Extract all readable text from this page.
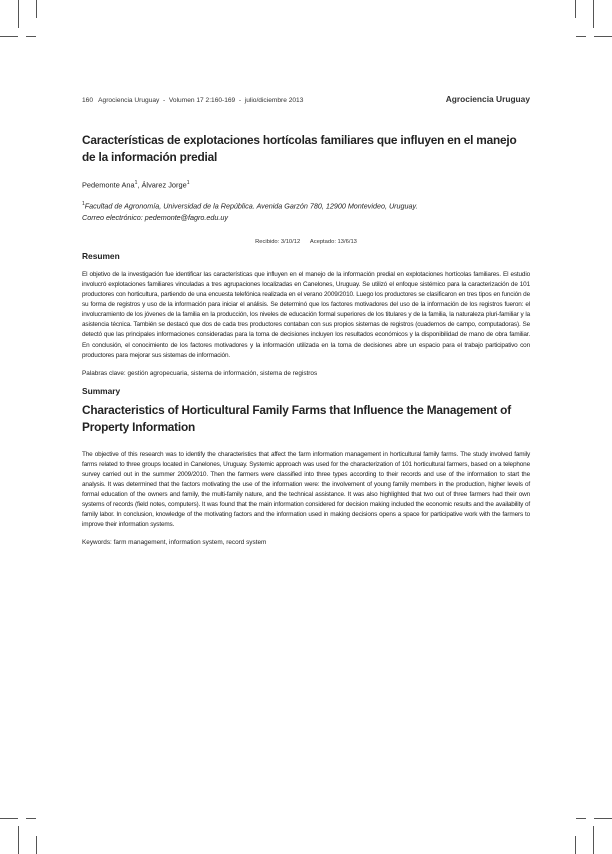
160   Agrociencia Uruguay  -  Volumen 17 2:160-169  -  julio/diciembre 2013	Agrociencia Uruguay
Características de explotaciones hortícolas familiares que influyen en el manejo de la información predial
Pedemonte Ana$^1$, Álvarez Jorge$^1$
$^1$Facultad de Agronomía, Universidad de la República. Avenida Garzón 780, 12900 Montevideo, Uruguay.
Correo electrónico: pedemonte@fagro.edu.uy
Recibido: 3/10/12 Aceptado: 13/6/13
Resumen
El objetivo de la investigación fue identificar las características que influyen en el manejo de la información predial en explotaciones hortícolas familiares. El estudio involucró explotaciones familiares vinculadas a tres agrupaciones localizadas en Canelones, Uruguay. Se utilizó el enfoque sistémico para la caracterización de 101 productores con horticultura, partiendo de una encuesta telefónica realizada en el verano 2009/2010. Luego los productores se clasificaron en tres tipos en función de su forma de registros y uso de la información para iniciar el análisis. Se determinó que los factores motivadores del uso de la información de los registros fueron: el involucramiento de los jóvenes de la familia en la producción, los niveles de educación formal superiores de los titulares y de la familia, la naturaleza pluri-familiar y la asistencia técnica. También se destacó que dos de cada tres productores contaban con sus propios sistemas de registros (cuadernos de campo, computadoras). Se detectó que las principales informaciones consideradas para la toma de decisiones incluyen los resultados económicos y la disponibilidad de mano de obra familiar. En conclusión, el conocimiento de los factores motivadores y la información utilizada en la toma de decisiones abre un espacio para el trabajo participativo con productores para mejorar sus sistemas de información.
Palabras clave: gestión agropecuaria, sistema de información, sistema de registros
Summary
Characteristics of Horticultural Family Farms that Influence the Management of Property Information
The objective of this research was to identify the characteristics that affect the farm information management in horticultural family farms. The study involved family farms related to three groups located in Canelones, Uruguay. Systemic approach was used for the characterization of 101 horticultural farmers, based on a telephone survey carried out in the summer 2009/2010. Then the farmers were classified into three types according to their records and use of the information to start the analysis. It was determined that the factors motivating the use of the information were: the involvement of young family members in the production, higher levels of formal education of the owners and family, the multi-family nature, and the technical assistance. It was also highlighted that two out of three farmers had their own systems of records (field notes, computers). It was found that the main information considered for decision making included the economic results and the availability of family labor. In conclusion, knowledge of the motivating factors and the information used in making decisions opens a space for participative work with the farmers to improve their information systems.
Keywords: farm management, information system, record system
